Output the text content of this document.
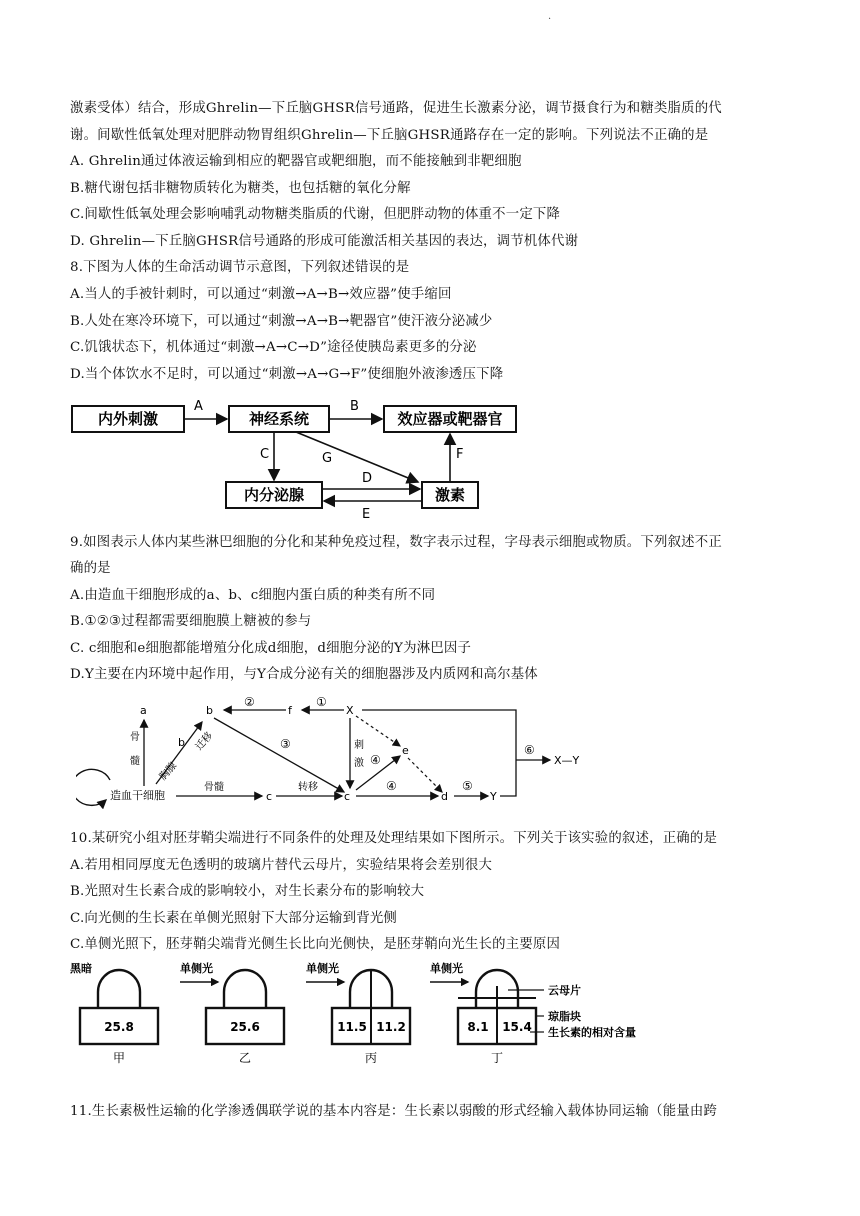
·
激素受体）结合，形成Ghrelin—下丘脑GHSR信号通路，促进生长激素分泌，调节摄食行为和糖类脂质的代
谢。间歇性低氧处理对肥胖动物胃组织Ghrelin—下丘脑GHSR通路存在一定的影响。下列说法不正确的是
A. Ghrelin通过体液运输到相应的靶器官或靶细胞，而不能接触到非靶细胞
B.糖代谢包括非糖物质转化为糖类，也包括糖的氧化分解
C.间歇性低氧处理会影响哺乳动物糖类脂质的代谢，但肥胖动物的体重不一定下降
D. Ghrelin—下丘脑GHSR信号通路的形成可能激活相关基因的表达，调节机体代谢
8.下图为人体的生命活动调节示意图，下列叙述错误的是
A.当人的手被针刺时，可以通过“刺激→A→B→效应器”使手缩回
B.人处在寒冷环境下，可以通过“刺激→A→B→靶器官”使汗液分泌减少
C.饥饿状态下，机体通过“刺激→A→C→D”途径使胰岛素更多的分泌
D.当个体饮水不足时，可以通过“刺激→A→G→F”使细胞外液渗透压下降
内外刺激	神经系统	效应器或靶器官
内分泌腺	激素
A	B
C	G
D
E
F
9.如图表示人体内某些淋巴细胞的分化和某种免疫过程，数字表示过程，字母表示细胞或物质。下列叙述不正
确的是
A.由造血干细胞形成的a、b、c细胞内蛋白质的种类有所不同
B.①②③过程都需要细胞膜上糖被的参与
C. c细胞和e细胞都能增殖分化成d细胞，d细胞分泌的Y为淋巴因子
D.Y主要在内环境中起作用，与Y合成分泌有关的细胞器涉及内质网和高尔基体
造血干细胞
a
骨
髓
b
胸腺
迁移
b
②
f
①
X
③
骨髓
c
转移
c
刺
激
e
④
④
d
⑤
Y
⑥
X—Y
10.某研究小组对胚芽鞘尖端进行不同条件的处理及处理结果如下图所示。下列关于该实验的叙述，正确的是
A.若用相同厚度无色透明的玻璃片替代云母片，实验结果将会差别很大
B.光照对生长素合成的影响较小，对生长素分布的影响较大
C.向光侧的生长素在单侧光照射下大部分运输到背光侧
C.单侧光照下，胚芽鞘尖端背光侧生长比向光侧快，是胚芽鞘向光生长的主要原因
黑暗
25.8
甲
单侧光
25.6
乙
单侧光
11.5 11.2
丙
单侧光
8.1 15.4
丁
云母片
琼脂块
生长素的相对含量
11.生长素极性运输的化学渗透偶联学说的基本内容是：生长素以弱酸的形式经输入载体协同运输（能量由跨
